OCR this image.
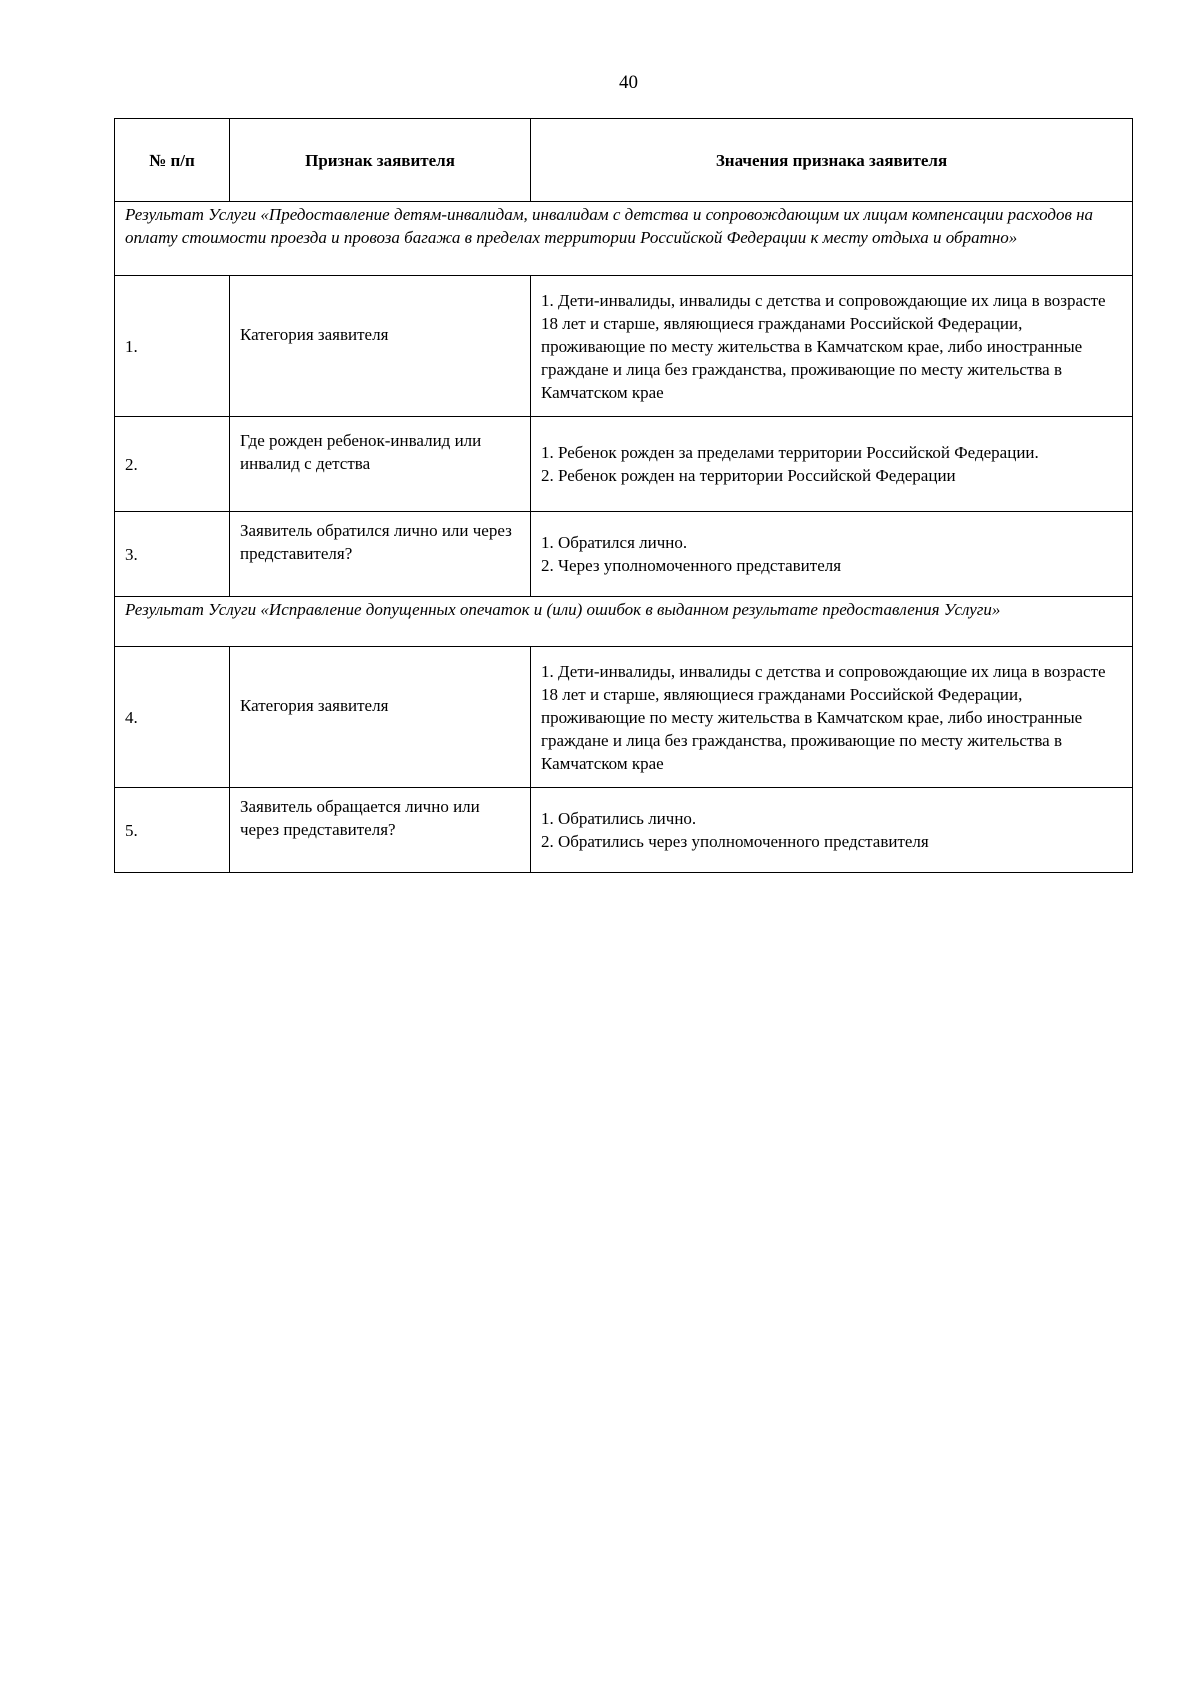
40
№ п/п	Признак заявителя	Значения признака заявителя
Результат Услуги «Предоставление детям-инвалидам, инвалидам с детства и сопровождающим их лицам компенсации расходов на оплату стоимости проезда и провоза багажа в пределах территории Российской Федерации к месту отдыха и обратно»		
1.	Категория заявителя	1. Дети-инвалиды, инвалиды с детства и сопровождающие их лица в возрасте 18 лет и старше, являющиеся гражданами Российской Федерации, проживающие по месту жительства в Камчатском крае, либо иностранные граждане и лица без гражданства, проживающие по месту жительства в Камчатском крае
2.	Где рожден ребенок-инвалид или инвалид с детства	1. Ребенок рожден за пределами территории Российской Федерации.
2. Ребенок рожден на территории Российской Федерации

3.	Заявитель обратился лично или через представителя?	1. Обратился лично.
2. Через уполномоченного представителя

Результат Услуги «Исправление допущенных опечаток и (или) ошибок в выданном результате предоставления Услуги»		
4.	Категория заявителя	1. Дети-инвалиды, инвалиды с детства и сопровождающие их лица в возрасте 18 лет и старше, являющиеся гражданами Российской Федерации, проживающие по месту жительства в Камчатском крае, либо иностранные граждане и лица без гражданства, проживающие по месту жительства в Камчатском крае
5.	Заявитель обращается лично или через представителя?	1. Обратились лично.
2. Обратились через уполномоченного представителя
